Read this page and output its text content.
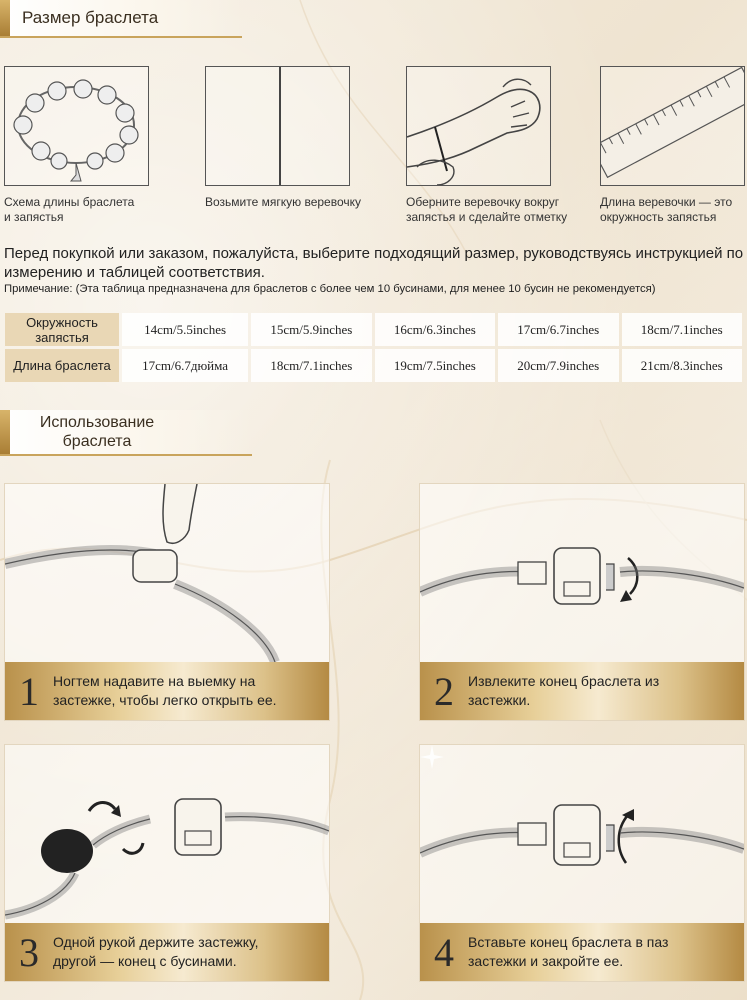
Размер браслета
Схема длины браслета
и запястья
Возьмите мягкую веревочку	Оберните веревочку вокруг
запястья и сделайте отметку
Длина веревочки — это
окружность запястья
Перед покупкой или заказом, пожалуйста, выберите подходящий размер, руководствуясь инструкцией по измерению и таблицей соответствия.
Примечание: (Эта таблица предназначена для браслетов с более чем 10 бусинами, для менее 10 бусин не рекомендуется)
Окружность
запястья	14cm/5.5inches	15cm/5.9inches	16cm/6.3inches	17cm/6.7inches	18cm/7.1inches
Длина браслета	17cm/6.7дюйма	18cm/7.1inches	19cm/7.5inches	20cm/7.9inches	21cm/8.3inches
Использование
браслета
1	Ногтем надавите на выемку на
застежке, чтобы легко открыть ее.	2	Извлеките конец браслета из
застежки.
3	Одной рукой держите застежку,
другой — конец с бусинами.	4	Вставьте конец браслета в паз
застежки и закройте ее.
